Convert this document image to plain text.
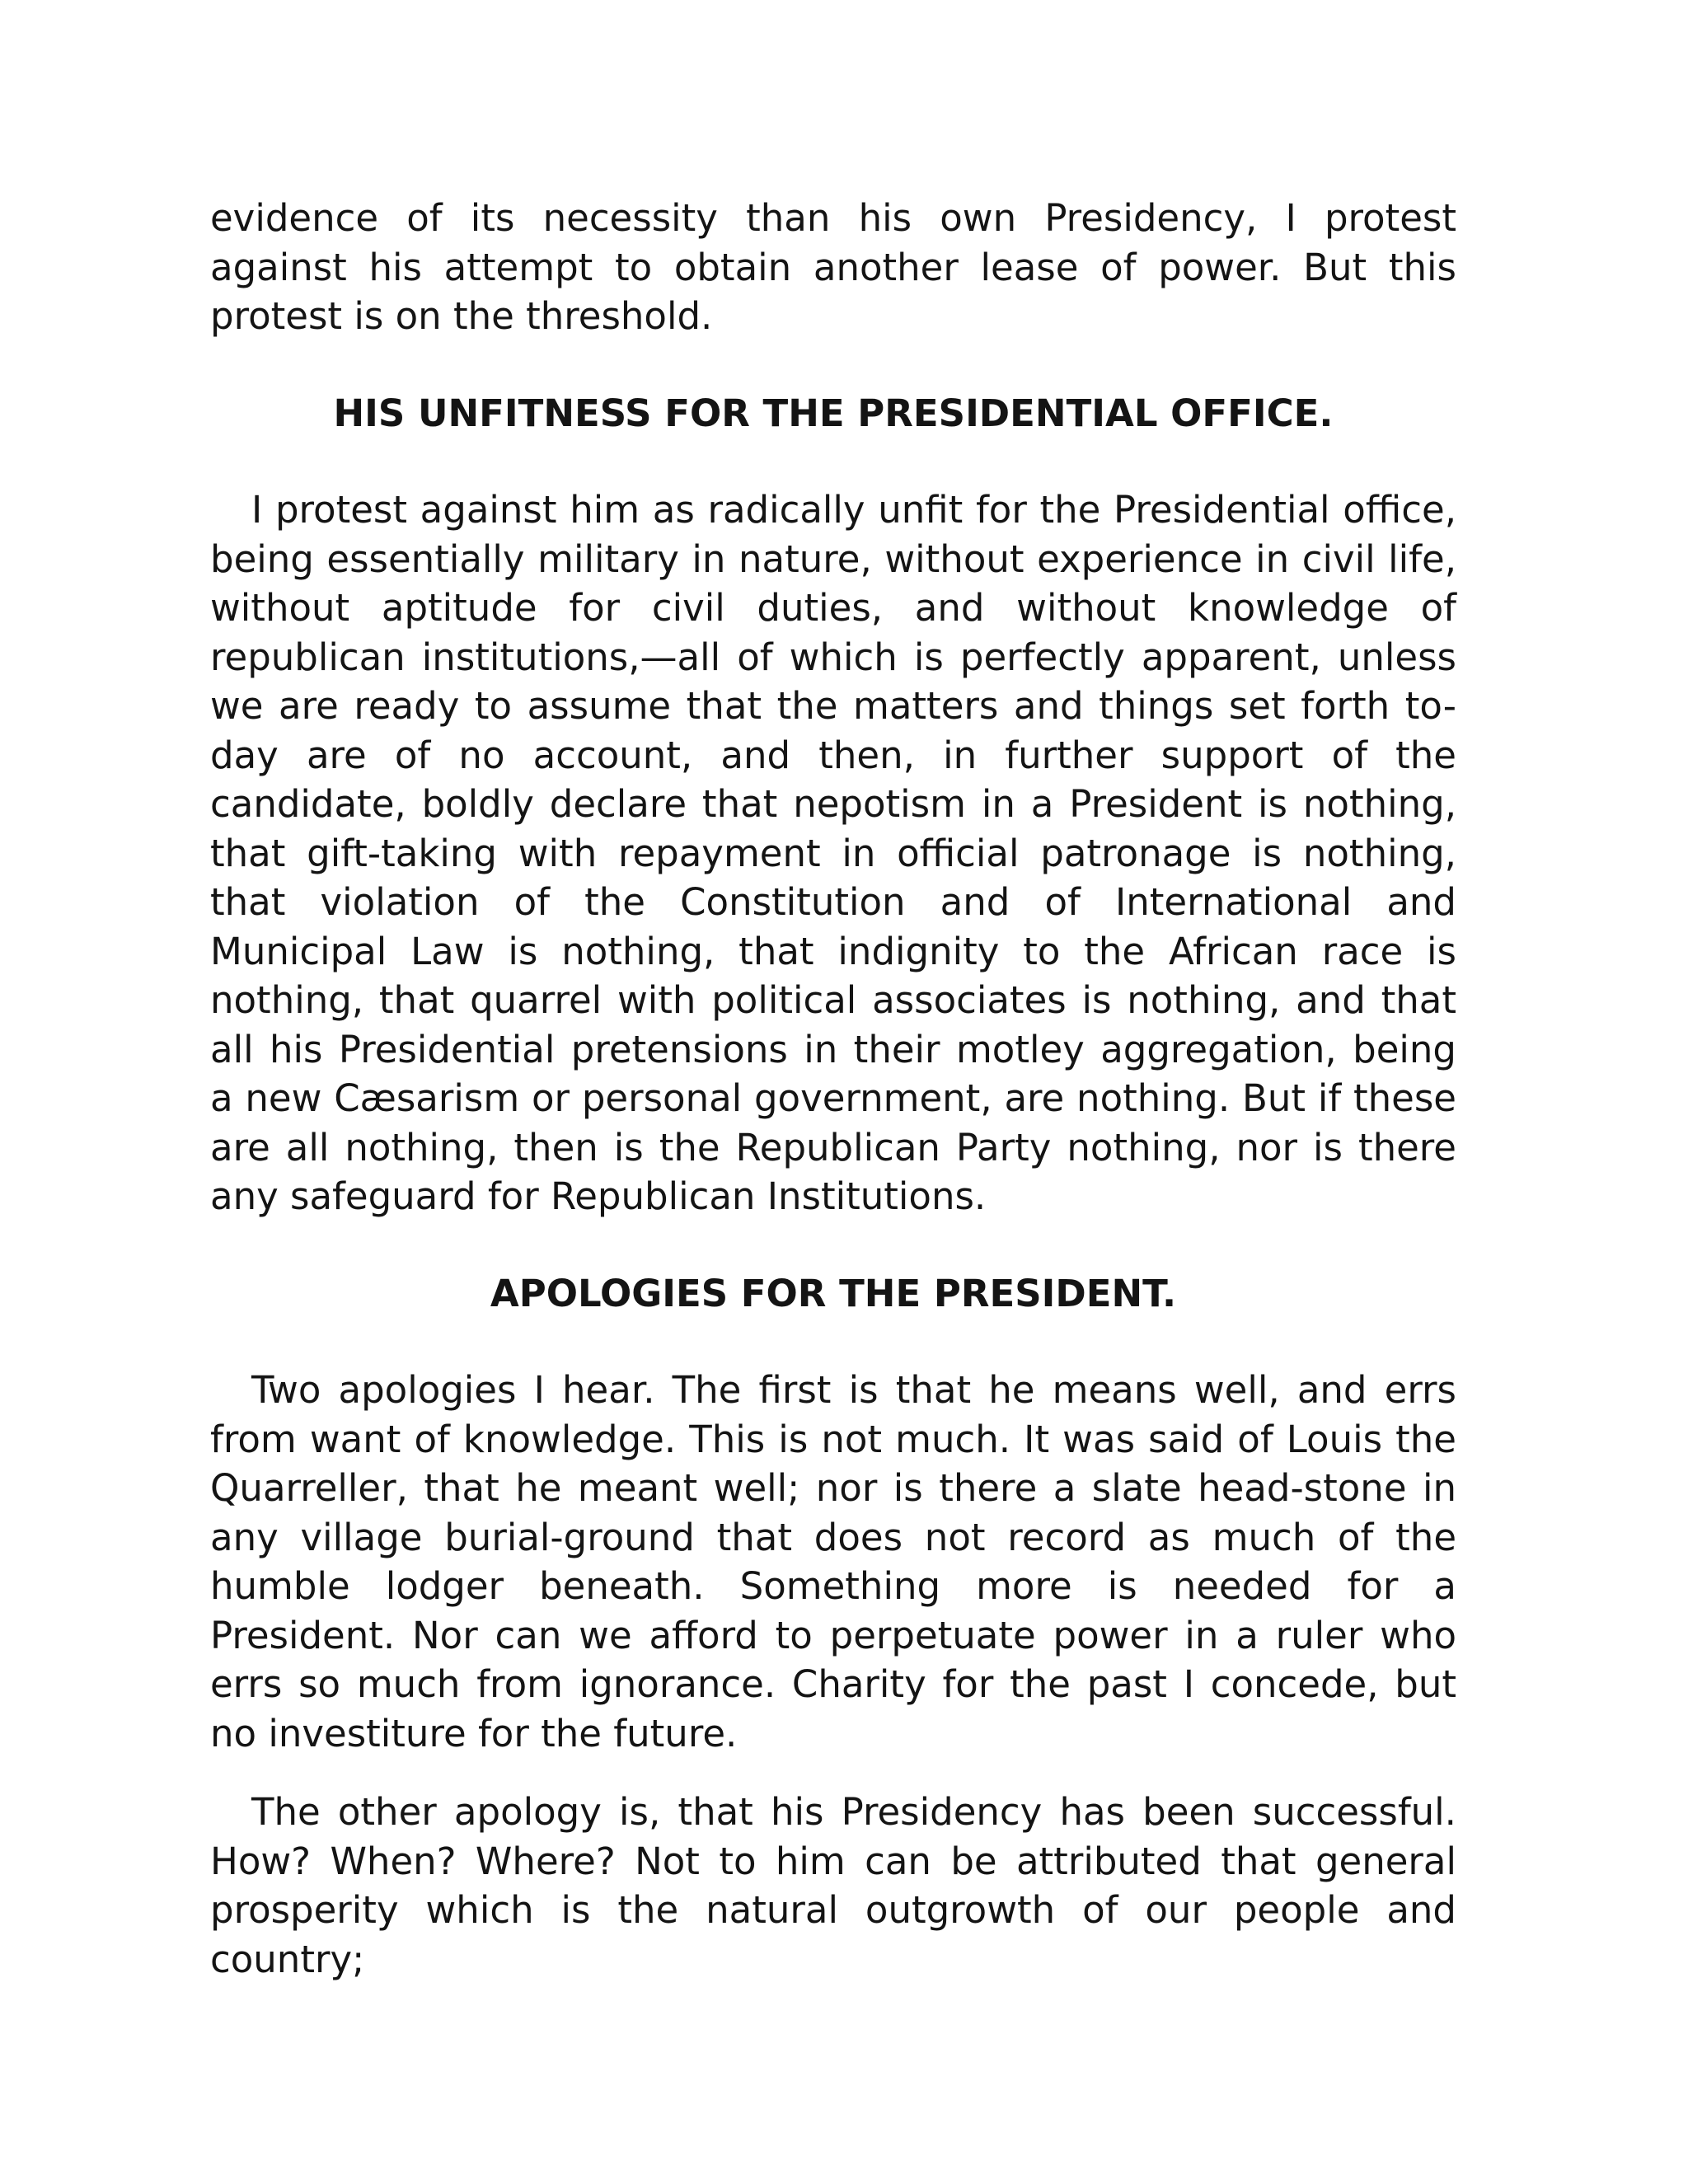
evidence of its necessity than his own Presidency, I protest against his attempt to obtain another lease of power. But this protest is on the threshold.

HIS UNFITNESS FOR THE PRESIDENTIAL OFFICE.

I protest against him as radically unfit for the Presidential office, being essentially military in nature, without experience in civil life, without aptitude for civil duties, and without knowledge of republican institutions,—all of which is perfectly apparent, unless we are ready to assume that the matters and things set forth to-day are of no account, and then, in further support of the candidate, boldly declare that nepotism in a President is nothing, that gift-taking with repayment in official patronage is nothing, that violation of the Constitution and of International and Municipal Law is nothing, that indignity to the African race is nothing, that quarrel with political associates is nothing, and that all his Presidential pretensions in their motley aggregation, being a new Cæsarism or personal government, are nothing. But if these are all nothing, then is the Republican Party nothing, nor is there any safeguard for Republican Institutions.

APOLOGIES FOR THE PRESIDENT.

Two apologies I hear. The first is that he means well, and errs from want of knowledge. This is not much. It was said of Louis the Quarreller, that he meant well; nor is there a slate head-stone in any village burial-ground that does not record as much of the humble lodger beneath. Something more is needed for a President. Nor can we afford to perpetuate power in a ruler who errs so much from ignorance. Charity for the past I concede, but no investiture for the future.

The other apology is, that his Presidency has been successful. How? When? Where? Not to him can be attributed that general prosperity which is the natural outgrowth of our people and country;
